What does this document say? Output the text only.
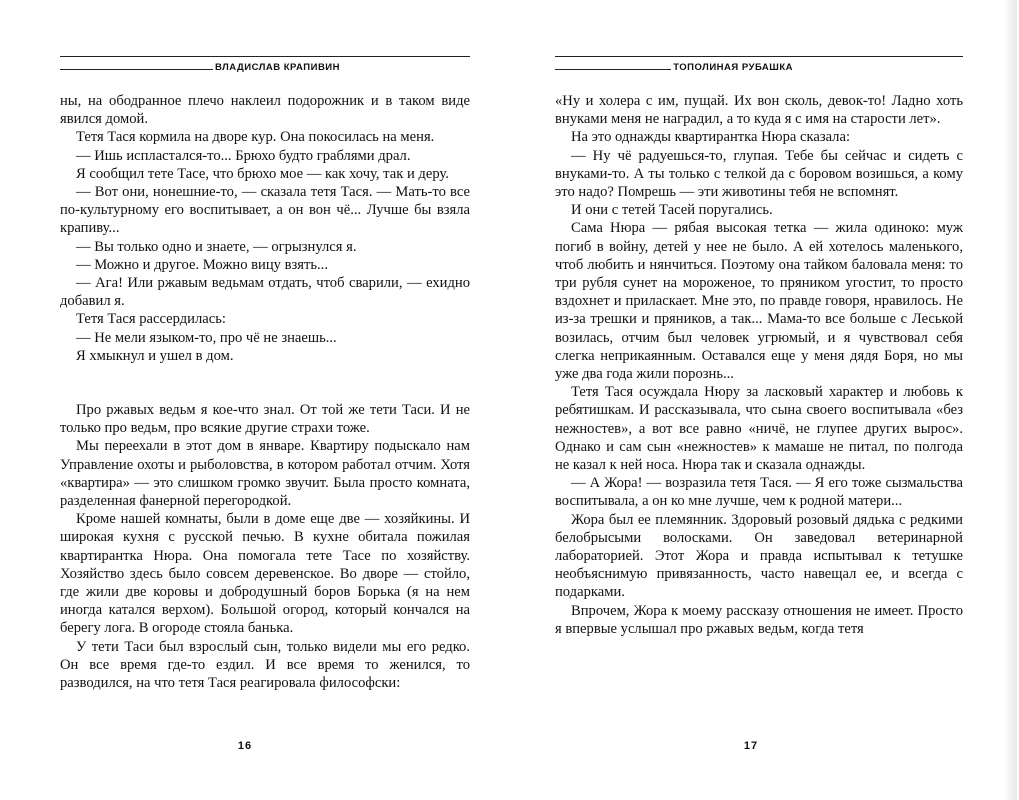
ВЛАДИСЛАВ КРАПИВИН

ны, на ободранное плечо наклеил подорожник и в таком виде явился домой.

Тетя Тася кормила на дворе кур. Она покосилась на меня.

— Ишь испластался-то... Брюхо будто граблями драл.

Я сообщил тете Тасе, что брюхо мое — как хочу, так и деру.

— Вот они, нонешние-то, — сказала тетя Тася. — Мать-то все по-культурному его воспитывает, а он вон чё... Лучше бы взяла крапиву...

— Вы только одно и знаете, — огрызнулся я.

— Можно и другое. Можно вицу взять...

— Ага! Или ржавым ведьмам отдать, чтоб сварили, — ехидно добавил я.

Тетя Тася рассердилась:

— Не мели языком-то, про чё не знаешь...

Я хмыкнул и ушел в дом.

Про ржавых ведьм я кое-что знал. От той же тети Таси. И не только про ведьм, про всякие другие страхи тоже.

Мы переехали в этот дом в январе. Квартиру подыскало нам Управление охоты и рыболовства, в котором работал отчим. Хотя «квартира» — это слишком громко звучит. Была просто комната, разделенная фанерной перегородкой.

Кроме нашей комнаты, были в доме еще две — хозяйкины. И широкая кухня с русской печью. В кухне обитала пожилая квартирантка Нюра. Она помогала тете Тасе по хозяйству. Хозяйство здесь было совсем деревенское. Во дворе — стойло, где жили две коровы и добродушный боров Борька (я на нем иногда катался верхом). Большой огород, который кончался на берегу лога. В огороде стояла банька.

У тети Таси был взрослый сын, только видели мы его редко. Он все время где-то ездил. И все время то женился, то разводился, на что тетя Тася реагировала философски:

16
ТОПОЛИНАЯ РУБАШКА

«Ну и холера с им, пущай. Их вон сколь, девок-то! Ладно хоть внуками меня не наградил, а то куда я с имя на старости лет».

На это однажды квартирантка Нюра сказала:

— Ну чё радуешься-то, глупая. Тебе бы сейчас и сидеть с внуками-то. А ты только с телкой да с боровом возишься, а кому это надо? Помрешь — эти животины тебя не вспомнят.

И они с тетей Тасей поругались.

Сама Нюра — рябая высокая тетка — жила одиноко: муж погиб в войну, детей у нее не было. А ей хотелось маленького, чтоб любить и нянчиться. Поэтому она тайком баловала меня: то три рубля сунет на мороженое, то пряником угостит, то просто вздохнет и приласкает. Мне это, по правде говоря, нравилось. Не из-за трешки и пряников, а так... Мама-то все больше с Леськой возилась, отчим был человек угрюмый, и я чувствовал себя слегка неприкаянным. Оставался еще у меня дядя Боря, но мы уже два года жили порознь...

Тетя Тася осуждала Нюру за ласковый характер и любовь к ребятишкам. И рассказывала, что сына своего воспитывала «без нежностев», а вот все равно «ничё, не глупее других вырос». Однако и сам сын «нежностев» к мамаше не питал, по полгода не казал к ней носа. Нюра так и сказала однажды.

— А Жора! — возразила тетя Тася. — Я его тоже сызмальства воспитывала, а он ко мне лучше, чем к родной матери...

Жора был ее племянник. Здоровый розовый дядька с редкими белобрысыми волосками. Он заведовал ветеринарной лабораторией. Этот Жора и правда испытывал к тетушке необъяснимую привязанность, часто навещал ее, и всегда с подарками.

Впрочем, Жора к моему рассказу отношения не имеет. Просто я впервые услышал про ржавых ведьм, когда тетя

17
